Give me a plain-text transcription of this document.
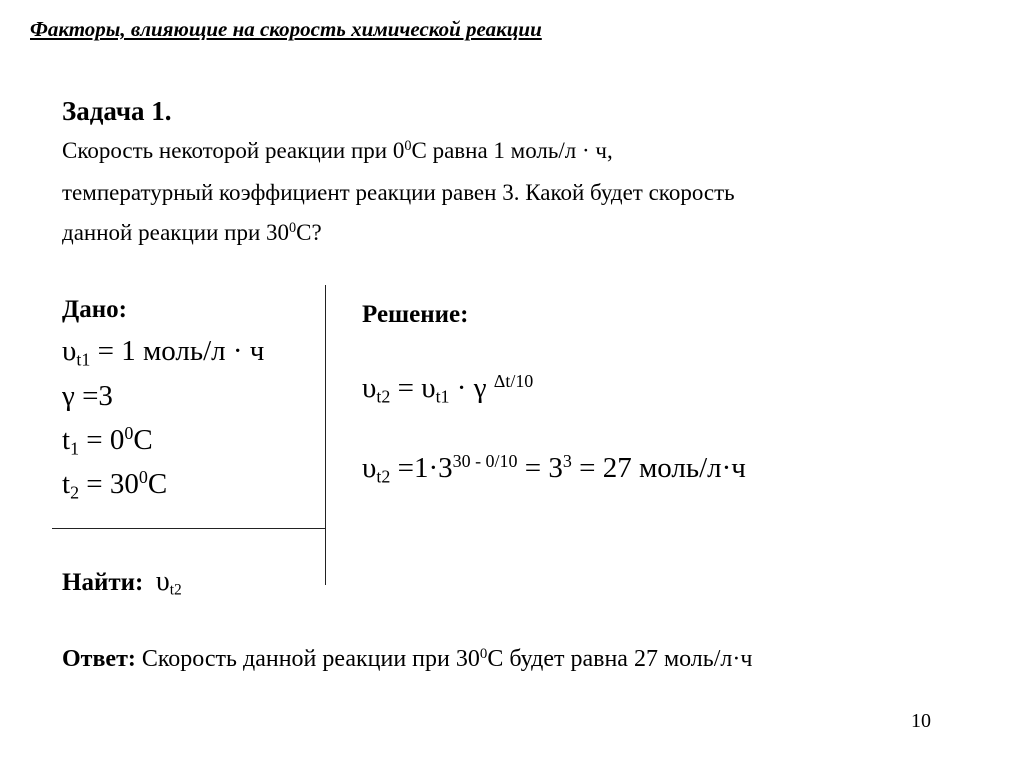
Факторы, влияющие на скорость химической реакции
Задача 1.
Скорость некоторой реакции при $0^0С$ равна 1 моль/л · ч,
температурный коэффициент реакции равен 3. Какой будет скорость
данной реакции при $30^0С$?
Дано:
$\upsilon_{t1} = 1$ моль/л · ч
γ =3
$t_1 = 0^0С$
$t_2 = 30^0С$
Решение:
$\upsilon_{t2} = \upsilon_{t1} \cdot \gamma$ $^{\Delta t/10}$
$\upsilon_{t2} =1\cdot 3^{30 - 0/10} = 3^3 = 27$ моль/л·ч
Найти: $\upsilon_{t2}$
Ответ: Скорость данной реакции при $30^0С$ будет равна 27 моль/л·ч
10
